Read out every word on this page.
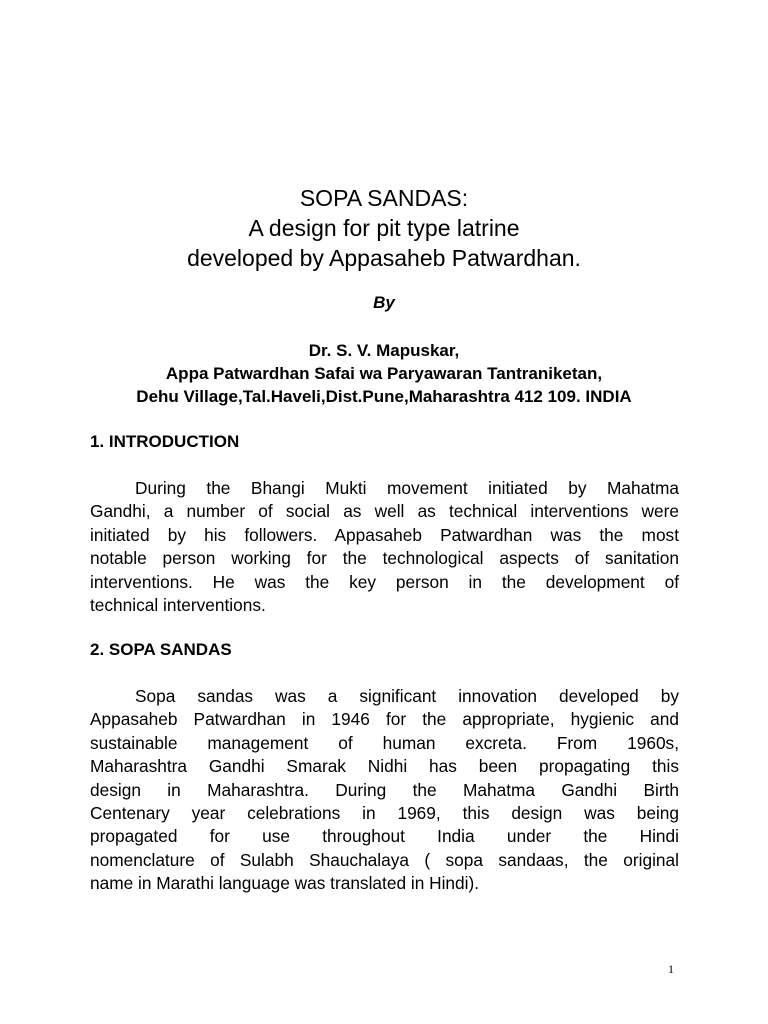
SOPA SANDAS:
A design for pit type latrine
developed by Appasaheb Patwardhan.
By
Dr. S. V. Mapuskar,
Appa Patwardhan Safai wa Paryawaran Tantraniketan,
Dehu Village,Tal.Haveli,Dist.Pune,Maharashtra 412 109. INDIA
1. INTRODUCTION
During the Bhangi Mukti movement initiated by Mahatma
Gandhi, a number of social as well as technical interventions were
initiated by his followers. Appasaheb Patwardhan was the most
notable person working for the technological aspects of sanitation
interventions. He was the key person in the development of
technical interventions.
2. SOPA SANDAS
Sopa sandas was a significant innovation developed by
Appasaheb Patwardhan in 1946 for the appropriate, hygienic and
sustainable management of human excreta. From 1960s,
Maharashtra Gandhi Smarak Nidhi has been propagating this
design in Maharashtra. During the Mahatma Gandhi Birth
Centenary year celebrations in 1969, this design was being
propagated for use throughout India under the Hindi
nomenclature of Sulabh Shauchalaya ( sopa sandaas, the original
name in Marathi language was translated in Hindi).
1
